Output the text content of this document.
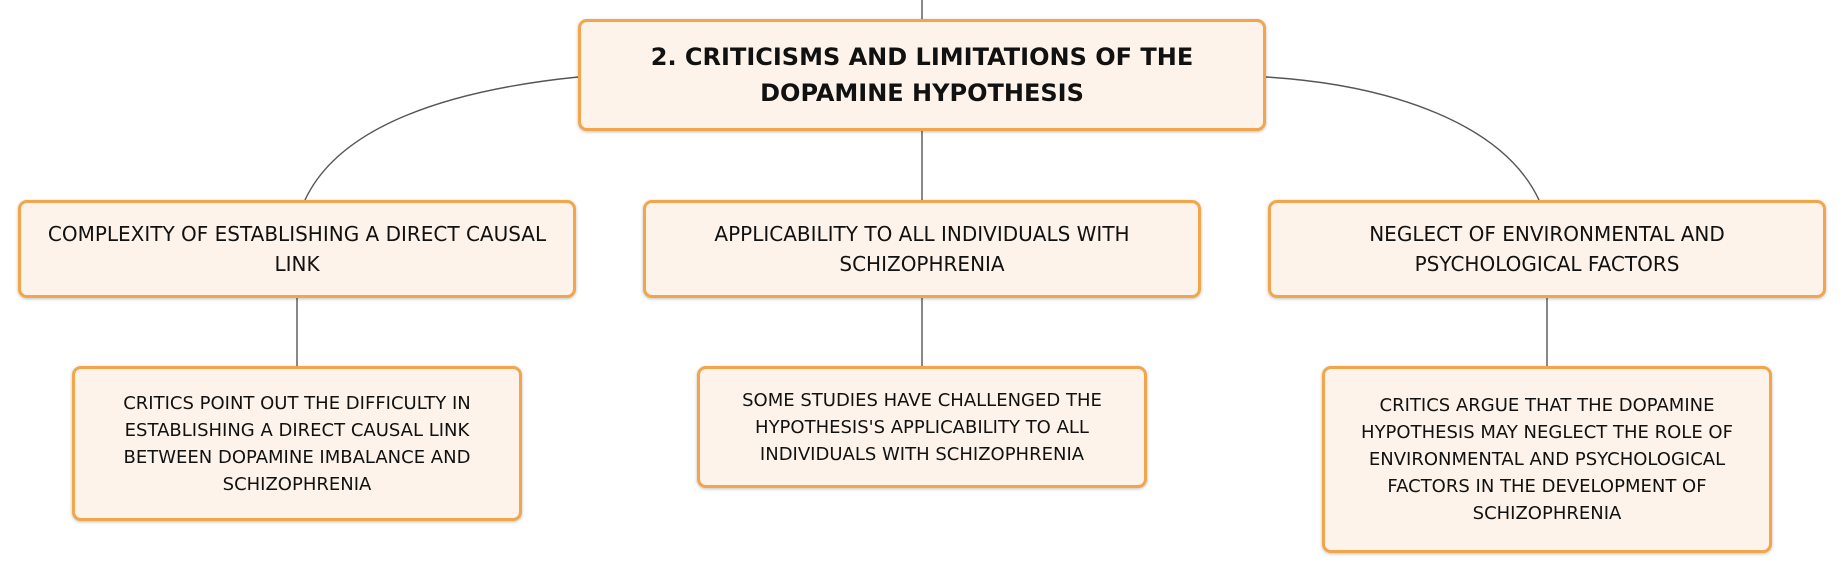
2. CRITICISMS AND LIMITATIONS OF THE DOPAMINE HYPOTHESIS
COMPLEXITY OF ESTABLISHING A DIRECT CAUSAL LINK
APPLICABILITY TO ALL INDIVIDUALS WITH SCHIZOPHRENIA
NEGLECT OF ENVIRONMENTAL AND PSYCHOLOGICAL FACTORS
CRITICS POINT OUT THE DIFFICULTY IN ESTABLISHING A DIRECT CAUSAL LINK BETWEEN DOPAMINE IMBALANCE AND SCHIZOPHRENIA
SOME STUDIES HAVE CHALLENGED THE HYPOTHESIS'S APPLICABILITY TO ALL INDIVIDUALS WITH SCHIZOPHRENIA
CRITICS ARGUE THAT THE DOPAMINE HYPOTHESIS MAY NEGLECT THE ROLE OF ENVIRONMENTAL AND PSYCHOLOGICAL FACTORS IN THE DEVELOPMENT OF SCHIZOPHRENIA
